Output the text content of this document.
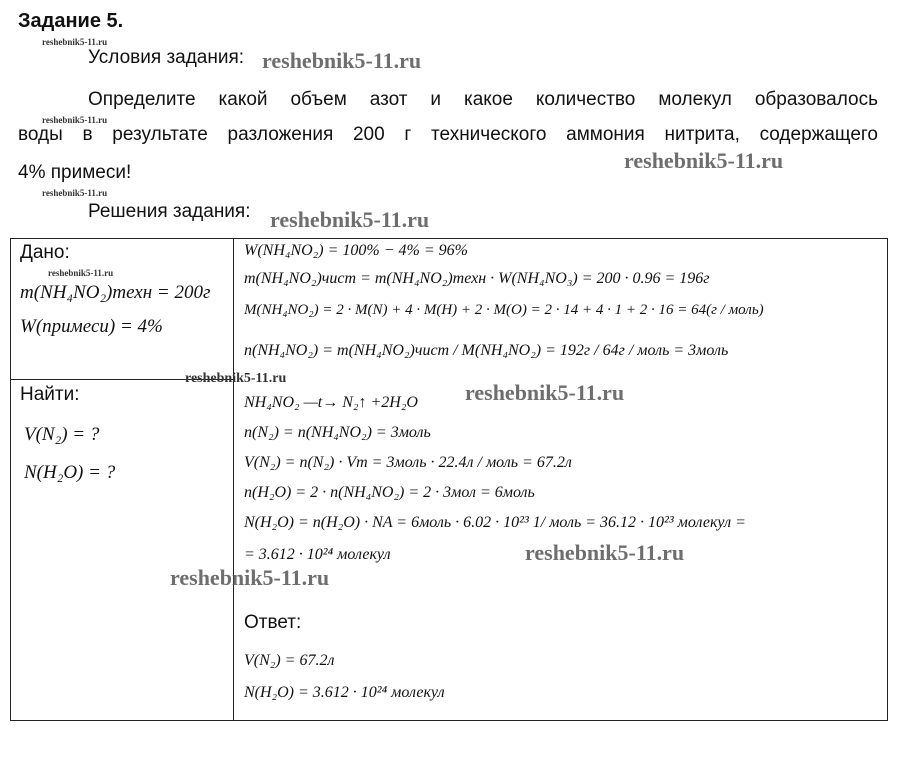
Задание 5.
reshebnik5-11.ru
Условия задания: reshebnik5-11.ru
Определите какой объем азот и какое количество молекул образовалось
reshebnik5-11.ru
воды в результате разложения 200 г технического аммония нитрита, содержащего
reshebnik5-11.ru
4% примеси!
reshebnik5-11.ru
Решения задания: reshebnik5-11.ru
Дано:
reshebnik5-11.ru
m(NH₄NO₂)техн = 200г
W(примеси) = 4%
Найти:
reshebnik5-11.ru
V(N₂) = ?
N(H₂O) = ?
W(NH₄NO₂) = 100% − 4% = 96%
m(NH₄NO₂)чист = m(NH₄NO₂)техн · W(NH₄NO₃) = 200 · 0.96 = 196г
M(NH₄NO₂) = 2 · M(N) + 4 · M(H) + 2 · M(O) = 2 · 14 + 4 · 1 + 2 · 16 = 64(г / моль)
n(NH₄NO₂) = m(NH₄NO₂)чист / M(NH₄NO₂) = 192г / 64г / моль = 3моль
NH₄NO₂ —t→ N₂↑ +2H₂O reshebnik5-11.ru
n(N₂) = n(NH₄NO₂) = 3моль
V(N₂) = n(N₂) · Vm = 3моль · 22.4л / моль = 67.2л
n(H₂O) = 2 · n(NH₄NO₂) = 2 · 3мол = 6моль
N(H₂O) = n(H₂O) · NA = 6моль · 6.02 · 10²³ 1/ моль = 36.12 · 10²³ молекул =
= 3.612 · 10²⁴ молекул	reshebnik5-11.ru
reshebnik5-11.ru
Ответ:
V(N₂) = 67.2л
N(H₂O) = 3.612 · 10²⁴ молекул
